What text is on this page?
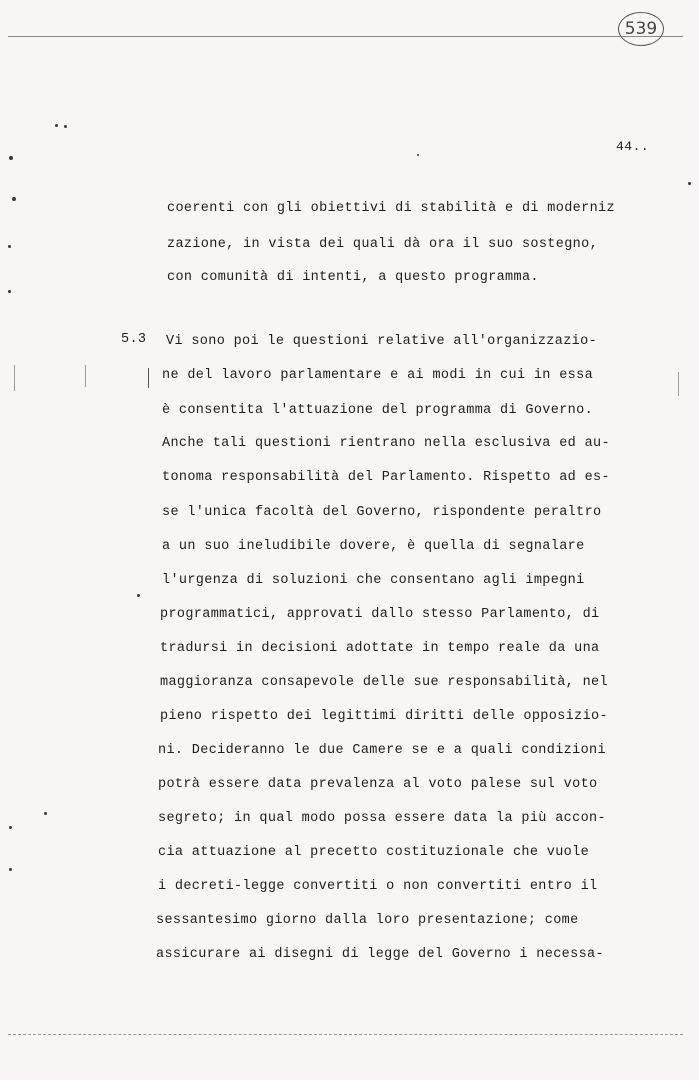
539
44..
coerenti con gli obiettivi di stabilità e di moderniz
zazione, in vista dei quali dà ora il suo sostegno,
con comunità di intenti, a questo programma.
5.3 Vi sono poi le questioni relative all'organizzazio-
ne del lavoro parlamentare e ai modi in cui in essa
è consentita l'attuazione del programma di Governo.
Anche tali questioni rientrano nella esclusiva ed au-
tonoma responsabilità del Parlamento. Rispetto ad es-
se l'unica facoltà del Governo, rispondente peraltro
a un suo ineludibile dovere, è quella di segnalare
l'urgenza di soluzioni che consentano agli impegni
programmatici, approvati dallo stesso Parlamento, di
tradursi in decisioni adottate in tempo reale da una
maggioranza consapevole delle sue responsabilità, nel
pieno rispetto dei legittimi diritti delle opposizio-
ni. Decideranno le due Camere se e a quali condizioni
potrà essere data prevalenza al voto palese sul voto
segreto; in qual modo possa essere data la più accon-
cia attuazione al precetto costituzionale che vuole
i decreti-legge convertiti o non convertiti entro il
sessantesimo giorno dalla loro presentazione; come
assicurare ai disegni di legge del Governo i necessa-
